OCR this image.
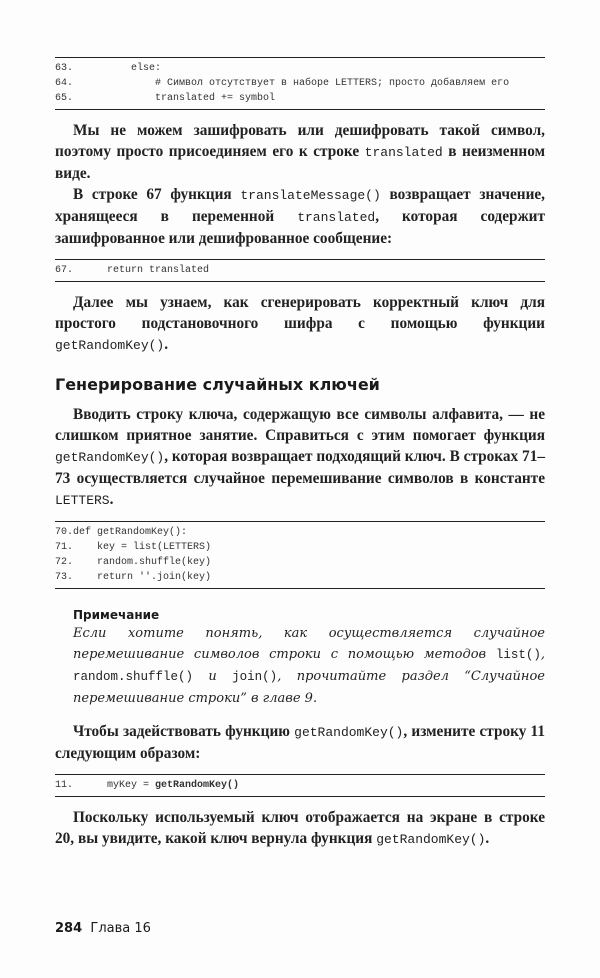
63.	else:
64.	# Символ отсутствует в наборе LETTERS; просто добавляем его
65.	translated += symbol
Мы не можем зашифровать или дешифровать такой символ, поэтому просто присоединяем его к строке translated в неизменном виде.
В строке 67 функция translateMessage() возвращает значение, хранящееся в переменной translated, которая содержит зашифрованное или дешифрованное сообщение:
67.	return translated
Далее мы узнаем, как сгенерировать корректный ключ для простого подстановочного шифра с помощью функции getRandomKey().
Генерирование случайных ключей
Вводить строку ключа, содержащую все символы алфавита, — не слишком приятное занятие. Справиться с этим помогает функция getRandomKey(), которая возвращает подходящий ключ. В строках 71–73 осуществляется случайное перемешивание символов в константе LETTERS.
70. def getRandomKey():
71. key = list(LETTERS)
72. random.shuffle(key)
73. return ''.join(key)
Примечание
Если хотите понять, как осуществляется случайное перемешивание символов строки с помощью методов list(), random.shuffle() и join(), прочитайте раздел “Случайное перемешивание строки” в главе 9.
Чтобы задействовать функцию getRandomKey(), измените строку 11 следующим образом:
11.	myKey = getRandomKey()
Поскольку используемый ключ отображается на экране в строке 20, вы увидите, какой ключ вернула функция getRandomKey().
284 Глава 16
